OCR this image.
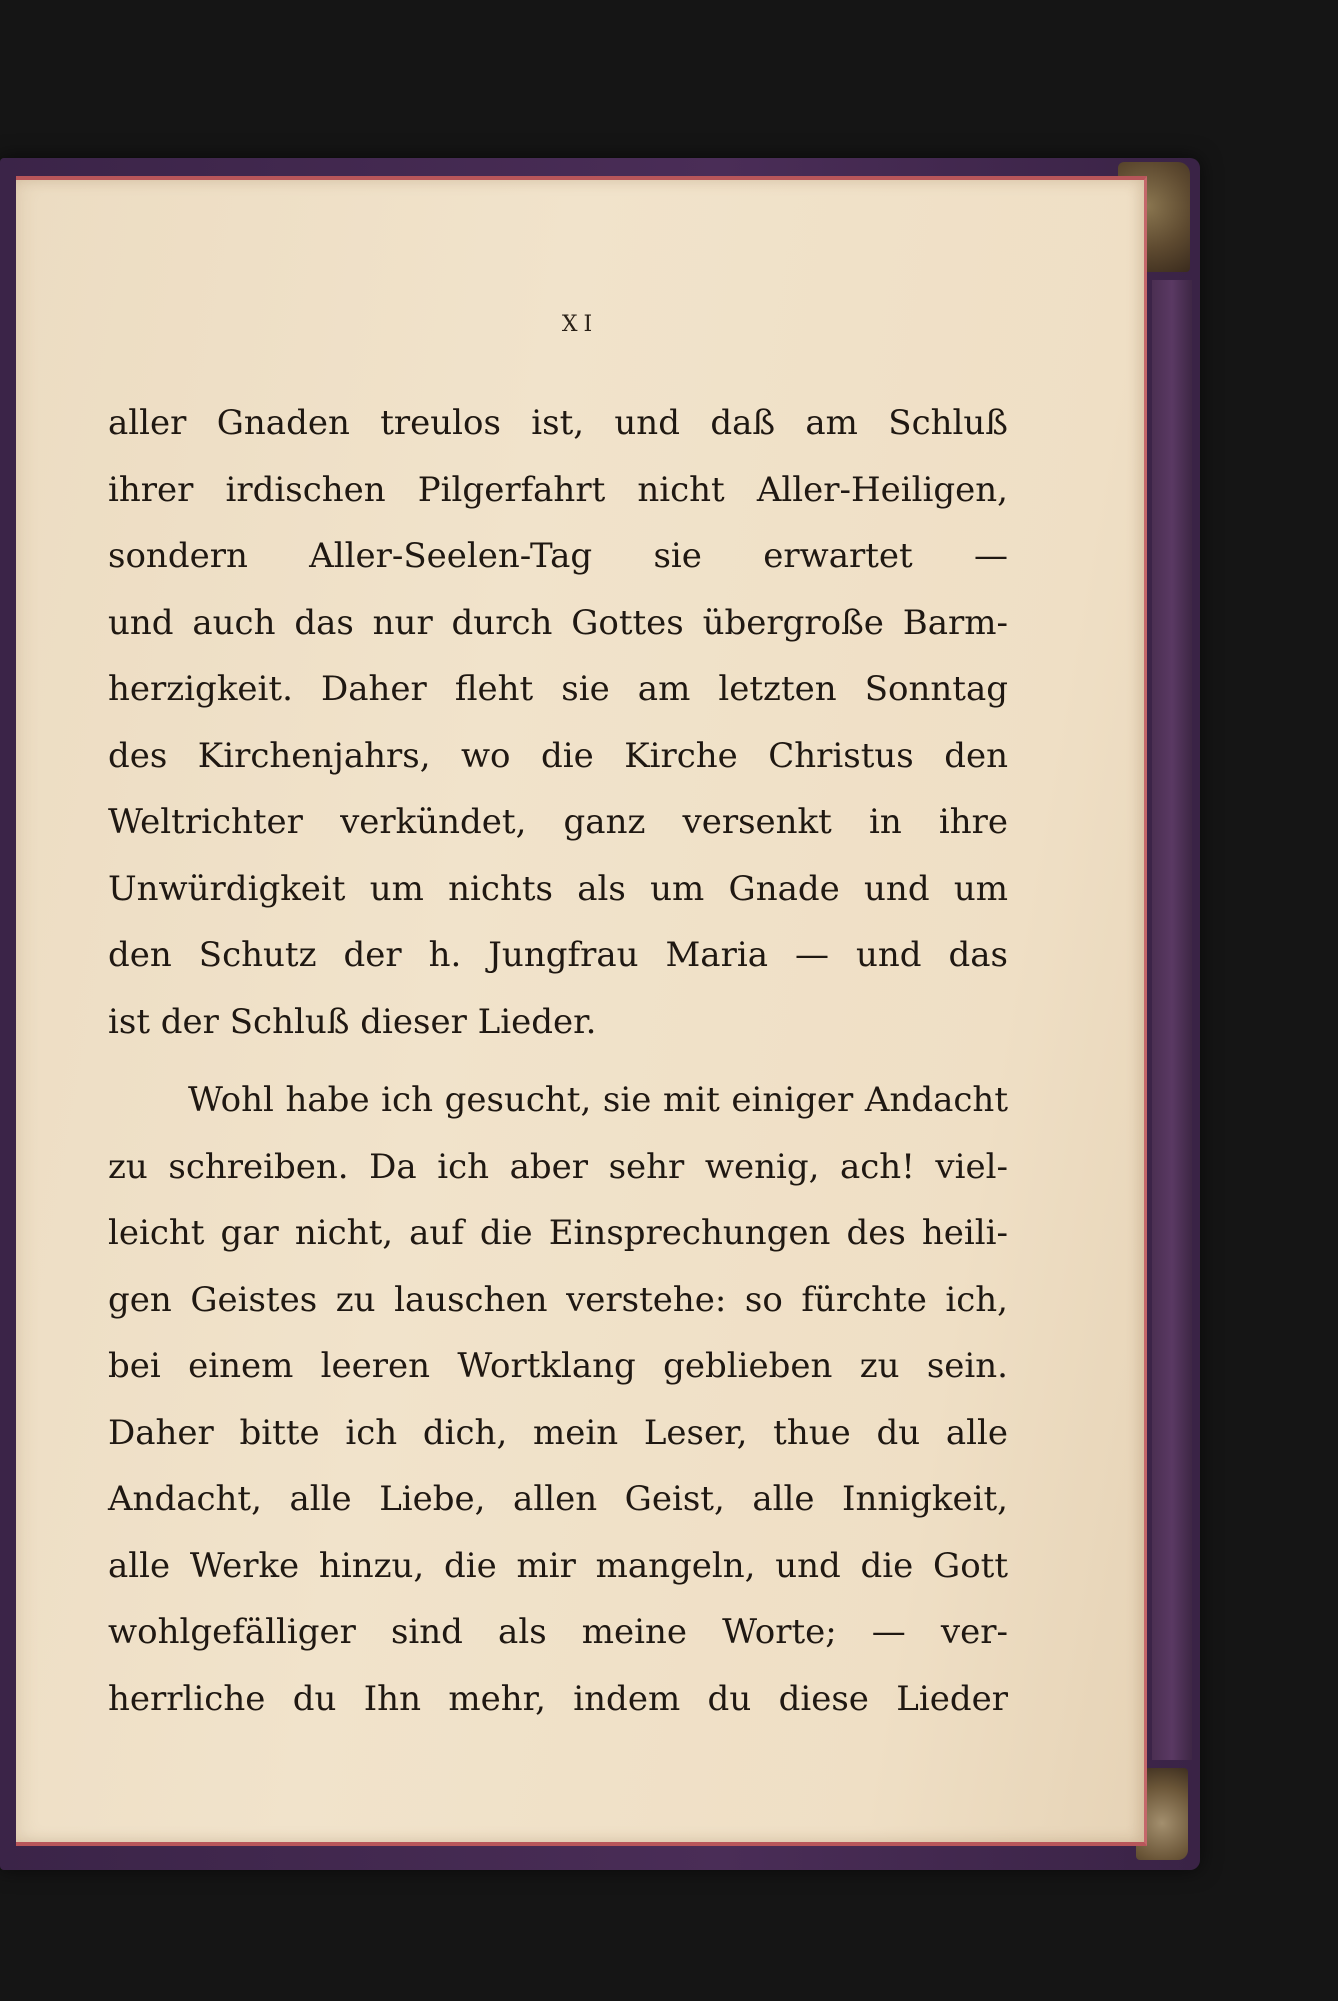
XI
aller Gnaden treulos ist, und daß am Schluß
ihrer irdischen Pilgerfahrt nicht Aller-Heiligen,
sondern Aller-Seelen-Tag sie erwartet —
und auch das nur durch Gottes übergroße Barm-
herzigkeit. Daher fleht sie am letzten Sonntag
des Kirchenjahrs, wo die Kirche Christus den
Weltrichter verkündet, ganz versenkt in ihre
Unwürdigkeit um nichts als um Gnade und um
den Schutz der h. Jungfrau Maria — und das
ist der Schluß dieser Lieder.
Wohl habe ich gesucht, sie mit einiger Andacht
zu schreiben. Da ich aber sehr wenig, ach! viel-
leicht gar nicht, auf die Einsprechungen des heili-
gen Geistes zu lauschen verstehe: so fürchte ich,
bei einem leeren Wortklang geblieben zu sein.
Daher bitte ich dich, mein Leser, thue du alle
Andacht, alle Liebe, allen Geist, alle Innigkeit,
alle Werke hinzu, die mir mangeln, und die Gott
wohlgefälliger sind als meine Worte; — ver-
herrliche du Ihn mehr, indem du diese Lieder
